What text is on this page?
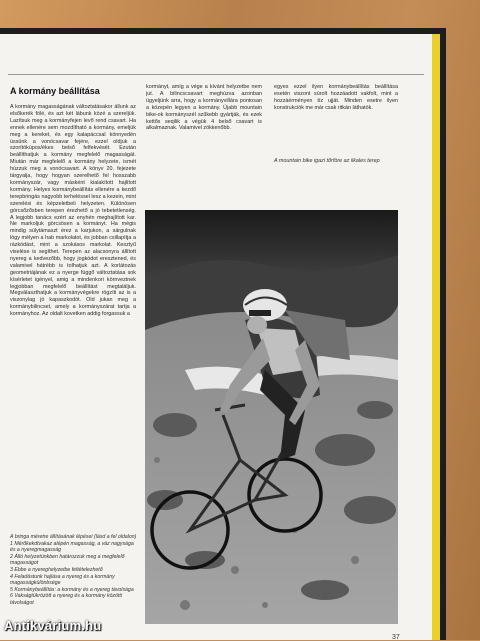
A kormány beállítása
A kormány magasságának változtatásakor állunk az elsőkerék fölé, és azt két lábunk közé a szereljük. Lazítsuk meg a kormányfejen levő rend csavart. Ha ennek ellenére sem mozdítható a kormány, emeljük meg a kereket, és egy kalapáccsal könnyedén üssünk a vonócsavar fejére, ezzel oldjuk a szorítókúpos/ékes belső felfekvését. Ezután beállíthatjuk a kormány megfelelő magasságát. Miután már megfelelő a kormány helyzete, ismét húzzuk meg a vonócsavart. A könyv 20. fejezete tárgyalja, hogy hogyan szerelhető fel hosszabb kormányszár, vagy másként kialakított hajlított kormány. Helyes kormánybeállítás ellenére a kezdő terepbringás nagyobb terheléssel lesz a kezein, mint szerelési és képzeletbeli helyzeten. Különösen górcsőzősben terepen érezhető a jó tebetetlenség. A legjobb tanács ezért az enyhén meghajlított kar. Ne markoljuk görcsösen a kormányt. Ha mégis mindig súlytámaszt érez a karjukon, a sárgulnak lógy mélyen a hab markolatot, és jobban csillapítja a rázkódást, mint a szokásos markolat. Kesztyű viselése is segíthet. Terepen az alacsonyra állított nyereg a kedvezőbb, hogy jogkódot eresztened, és valamivel hátrébb is tolhatjuk azt. A korlátozás geometriájának ez a nyerge függő változtatása sok kísérletet igényel, amig a mindenkori körnveztnek legjobban megfelelő beállítást megtaláljuk. Megválaszthatjuk a kormányvégekre rögzíti az is a viszonylag jó kapaszkodót. Old jukan meg a kormánybilincset, amely a kormányszárat tartja a kormányhoz. Az oldalt kovetken addig forgassuk a
kormányt, amíg a vége a kívánt helyzetbe nem jut. A bilincscsavart meghúzva azonban ügyeljünk arra, hogy a kormányvillára pontosan a közepén legyen a kormány. Újabb mountain bike-ok kormányszél szűkebb gyártják, és ezek kettős seqilik a végük 4 belső csavart is alkalmaznak. Valamivel zökkenőbb.
egyes ezzel ilyen kormánybeállítás beállítása esetén viszont súrolt hozzáadott vakfolt, mint a hozzáérményen tíz ujját. Minden esetre ilyen konstrukciók me már csak ritkán láthatók.
A mountain bike igazi tőrföre az ilkales terep
A bringa méretre állításának lépései (lásd a fel oldalon)
1 Mérőkekdtvakaz alépén magasság, a váz nagysága és a nyeregmagasság
2 Álló helyzetünkben határozzuk meg a megfelelő magasságot
3 Ebbe a nyereghelyzetbe feltételezhető
4 Feladástunk hajlása a nyereg és a kormány magasságkülönbsége
5 Kormánybeállítás: a kormány és a nyereg távolsága
6 Vakságtükrözött a nyereg és a kormány közötti távolságot
37
Antikvárium.hu
